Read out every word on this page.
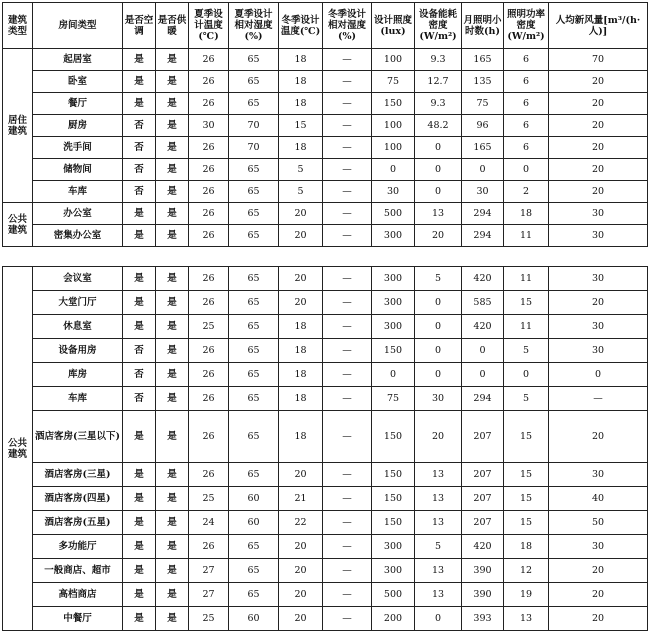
建筑类型	房间类型	是否空调	是否供暖	夏季设计温度(℃)	夏季设计相对湿度(%)	冬季设计温度(℃)	冬季设计相对湿度(%)	设计照度(lux)	设备能耗密度(W/m²)	月照明小时数(h)	照明功率密度(W/m²)	人均新风量[m³/(h·人)]
居住建筑	起居室	是	是	26	65	18	—	100	9.3	165	6	70
	卧室	是	是	26	65	18	—	75	12.7	135	6	20
	餐厅	是	是	26	65	18	—	150	9.3	75	6	20
	厨房	否	是	30	70	15	—	100	48.2	96	6	20
	洗手间	否	是	26	70	18	—	100	0	165	6	20
	储物间	否	是	26	65	5	—	0	0	0	0	20
	车库	否	是	26	65	5	—	30	0	30	2	20
公共建筑	办公室	是	是	26	65	20	—	500	13	294	18	30
	密集办公室	是	是	26	65	20	—	300	20	294	11	30
公共建筑	会议室	是	是	26	65	20	—	300	5	420	11	30
	大堂门厅	是	是	26	65	20	—	300	0	585	15	20
	休息室	是	是	25	65	18	—	300	0	420	11	30
	设备用房	否	是	26	65	18	—	150	0	0	5	30
	库房	否	是	26	65	18	—	0	0	0	0	0
	车库	否	是	26	65	18	—	75	30	294	5	—
	酒店客房(三星以下)	是	是	26	65	18	—	150	20	207	15	20
	酒店客房(三星)	是	是	26	65	20	—	150	13	207	15	30
	酒店客房(四星)	是	是	25	60	21	—	150	13	207	15	40
	酒店客房(五星)	是	是	24	60	22	—	150	13	207	15	50
	多功能厅	是	是	26	65	20	—	300	5	420	18	30
	一般商店、超市	是	是	27	65	20	—	300	13	390	12	20
	高档商店	是	是	27	65	20	—	500	13	390	19	20
	中餐厅	是	是	25	60	20	—	200	0	393	13	20
